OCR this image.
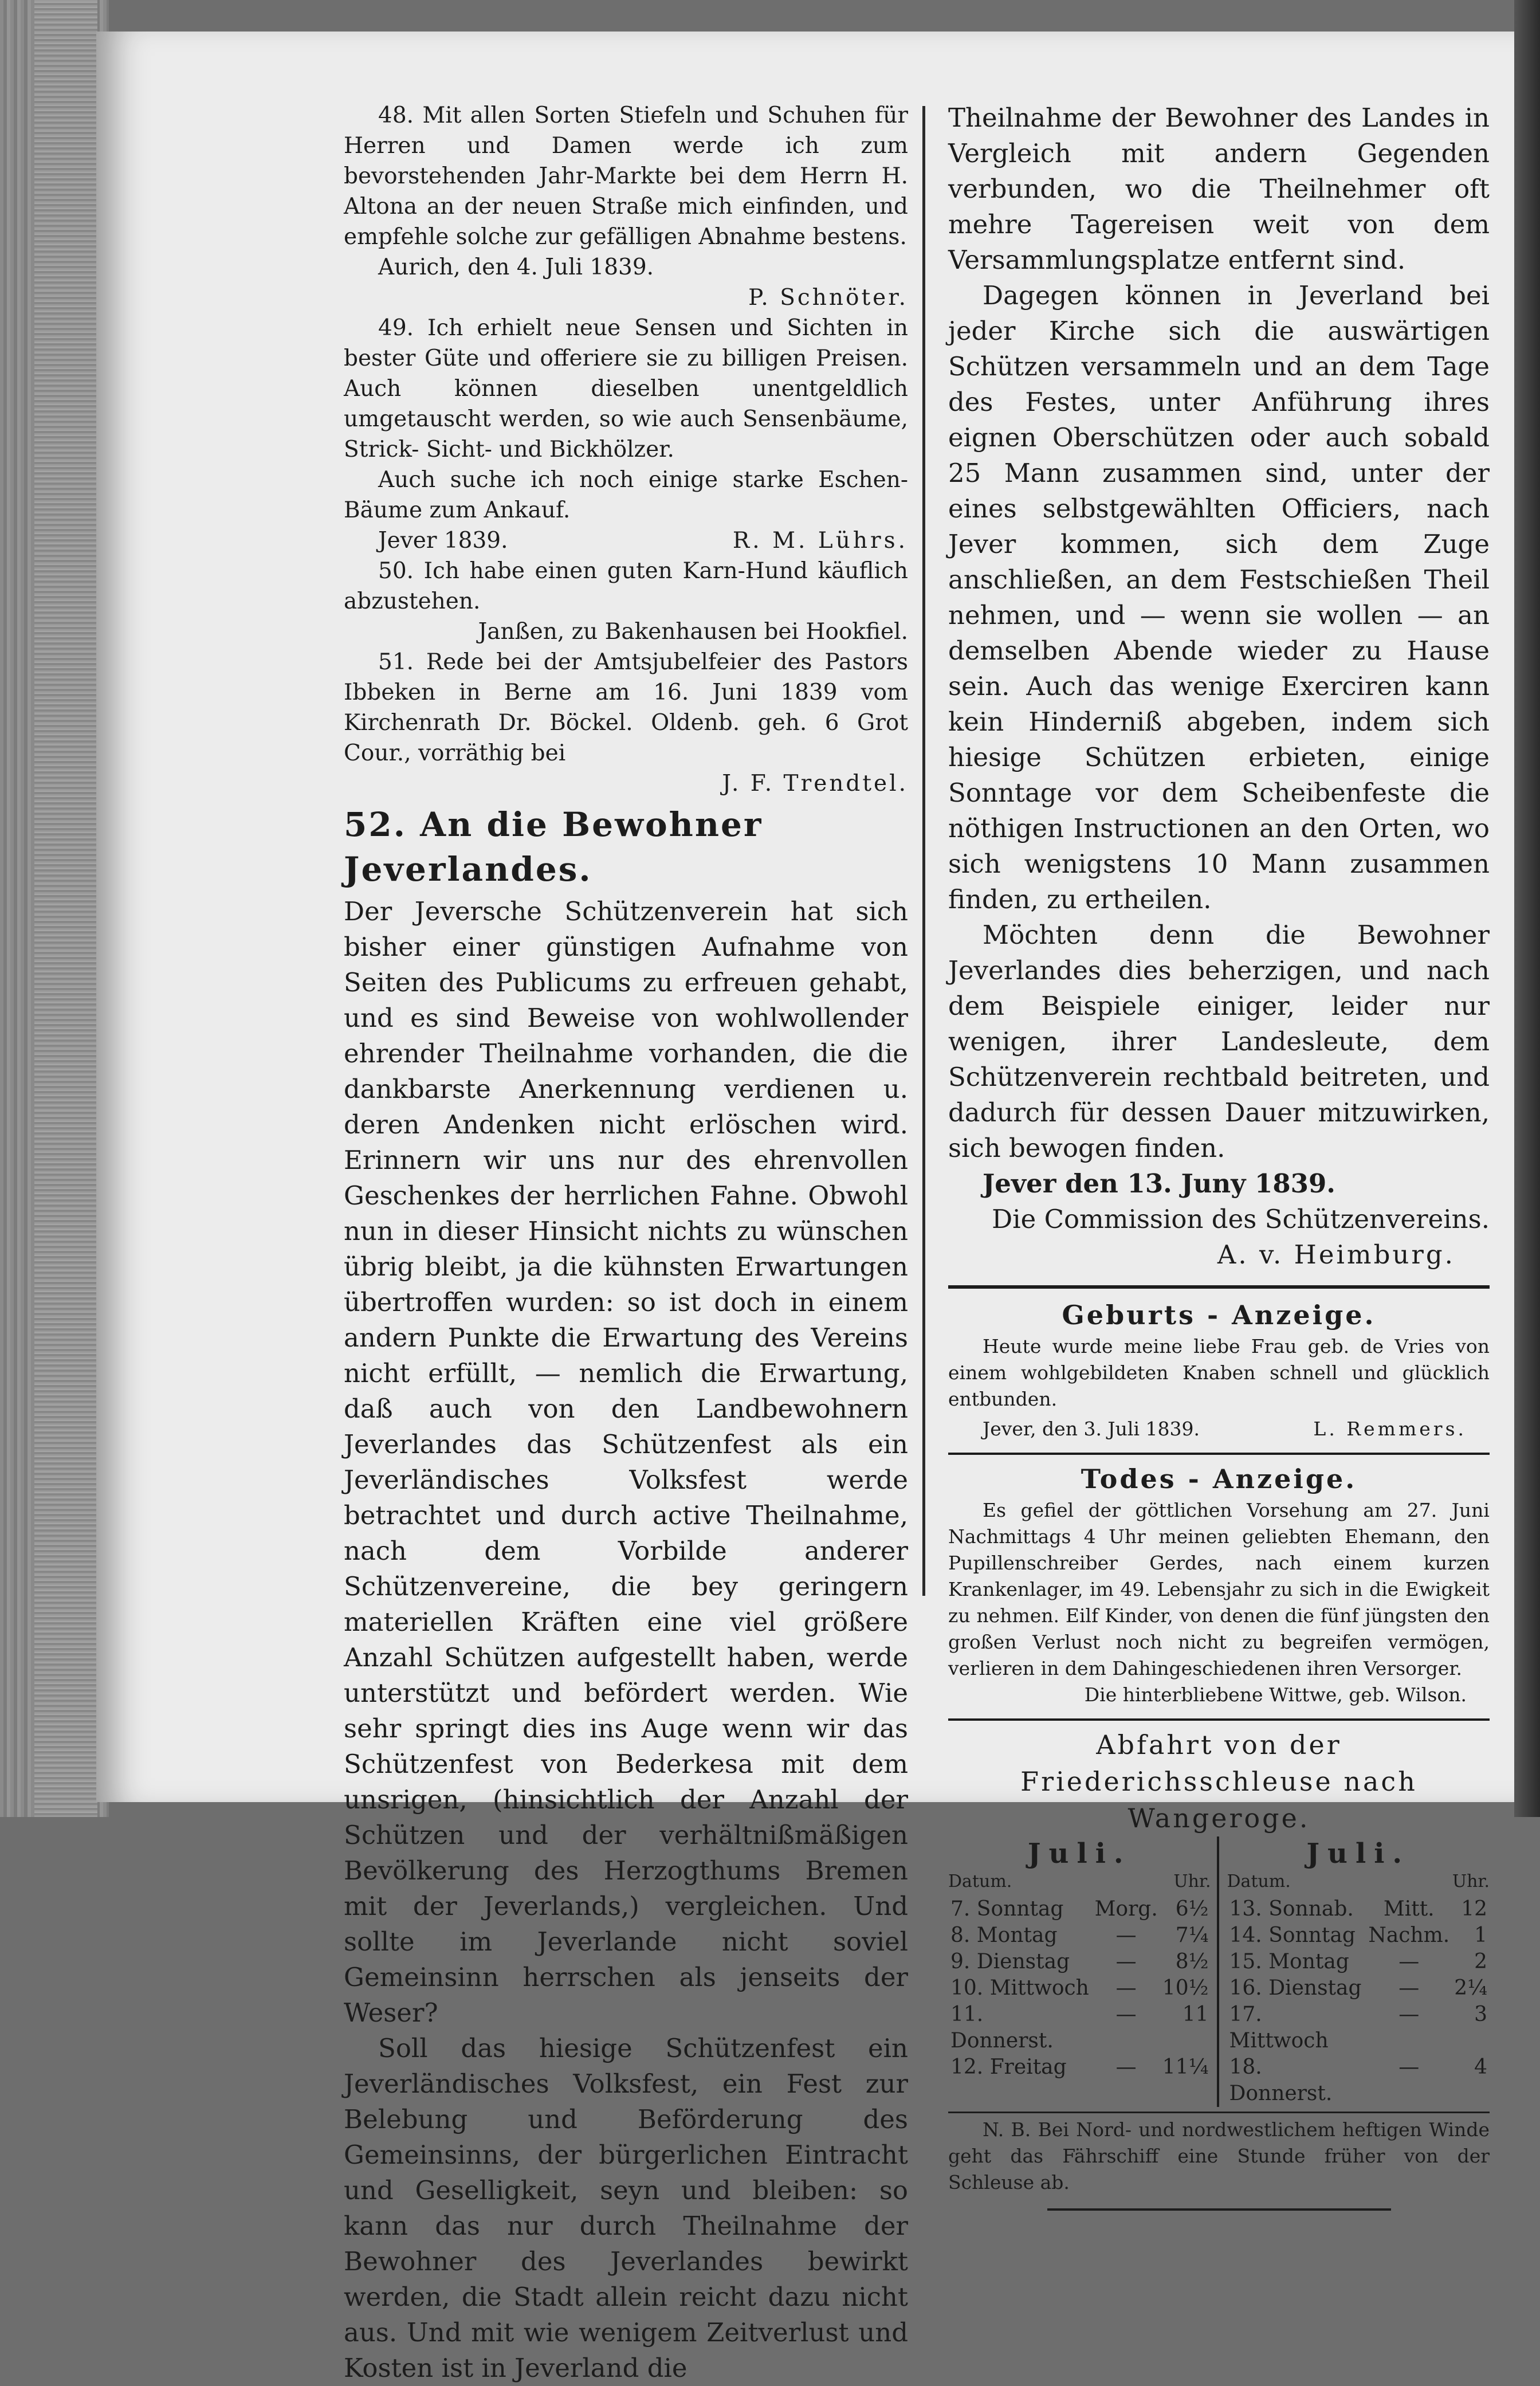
48. Mit allen Sorten Stiefeln und Schuhen für Herren und Damen werde ich zum bevorstehenden Jahr-Markte bei dem Herrn H. Altona an der neuen Straße mich einfinden, und empfehle solche zur gefälligen Abnahme bestens.

Aurich, den 4. Juli 1839.

P. Schnöter.

49. Ich erhielt neue Sensen und Sichten in bester Güte und offeriere sie zu billigen Preisen. Auch können dieselben unentgeldlich umgetauscht werden, so wie auch Sensenbäume, Strick- Sicht- und Bickhölzer.

Auch suche ich noch einige starke Eschen-Bäume zum Ankauf.

Jever 1839.	R. M. Lührs.

50. Ich habe einen guten Karn-Hund käuflich abzustehen.

Janßen, zu Bakenhausen bei Hookfiel.

51. Rede bei der Amtsjubelfeier des Pastors Ibbeken in Berne am 16. Juni 1839 vom Kirchenrath Dr. Böckel. Oldenb. geh. 6 Grot Cour., vorräthig bei

J. F. Trendtel.

52. An die Bewohner Jeverlandes.

Der Jeversche Schützenverein hat sich bisher einer günstigen Aufnahme von Seiten des Publicums zu erfreuen gehabt, und es sind Beweise von wohlwollender ehrender Theilnahme vorhanden, die die dankbarste Anerkennung verdienen u. deren Andenken nicht erlöschen wird. Erinnern wir uns nur des ehrenvollen Geschenkes der herrlichen Fahne. Obwohl nun in dieser Hinsicht nichts zu wünschen übrig bleibt, ja die kühnsten Erwartungen übertroffen wurden: so ist doch in einem andern Punkte die Erwartung des Vereins nicht erfüllt, — nemlich die Erwartung, daß auch von den Landbewohnern Jeverlandes das Schützenfest als ein Jeverländisches Volksfest werde betrachtet und durch active Theilnahme, nach dem Vorbilde anderer Schützenvereine, die bey geringern materiellen Kräften eine viel größere Anzahl Schützen aufgestellt haben, werde unterstützt und befördert werden. Wie sehr springt dies ins Auge wenn wir das Schützenfest von Bederkesa mit dem unsrigen, (hinsichtlich der Anzahl der Schützen und der verhältnißmäßigen Bevölkerung des Herzogthums Bremen mit der Jeverlands,) vergleichen. Und sollte im Jeverlande nicht soviel Gemeinsinn herrschen als jenseits der Weser?

Soll das hiesige Schützenfest ein Jeverländisches Volksfest, ein Fest zur Belebung und Beförderung des Gemeinsinns, der bürgerlichen Eintracht und Geselligkeit, seyn und bleiben: so kann das nur durch Theilnahme der Bewohner des Jeverlandes bewirkt werden, die Stadt allein reicht dazu nicht aus. Und mit wie wenigem Zeitverlust und Kosten ist in Jeverland die

Theilnahme der Bewohner des Landes in Vergleich mit andern Gegenden verbunden, wo die Theilnehmer oft mehre Tagereisen weit von dem Versammlungsplatze entfernt sind.

Dagegen können in Jeverland bei jeder Kirche sich die auswärtigen Schützen versammeln und an dem Tage des Festes, unter Anführung ihres eignen Oberschützen oder auch sobald 25 Mann zusammen sind, unter der eines selbstgewählten Officiers, nach Jever kommen, sich dem Zuge anschließen, an dem Festschießen Theil nehmen, und — wenn sie wollen — an demselben Abende wieder zu Hause sein. Auch das wenige Exerciren kann kein Hinderniß abgeben, indem sich hiesige Schützen erbieten, einige Sonntage vor dem Scheibenfeste die nöthigen Instructionen an den Orten, wo sich wenigstens 10 Mann zusammen finden, zu ertheilen.

Möchten denn die Bewohner Jeverlandes dies beherzigen, und nach dem Beispiele einiger, leider nur wenigen, ihrer Landesleute, dem Schützenverein rechtbald beitreten, und dadurch für dessen Dauer mitzuwirken, sich bewogen finden.

Jever den 13. Juny 1839.

Die Commission des Schützenvereins.

A. v. Heimburg.

Geburts - Anzeige.

Heute wurde meine liebe Frau geb. de Vries von einem wohlgebildeten Knaben schnell und glücklich entbunden.

Jever, den 3. Juli 1839.	L. Remmers.

Todes - Anzeige.

Es gefiel der göttlichen Vorsehung am 27. Juni Nachmittags 4 Uhr meinen geliebten Ehemann, den Pupillenschreiber Gerdes, nach einem kurzen Krankenlager, im 49. Lebensjahr zu sich in die Ewigkeit zu nehmen. Eilf Kinder, von denen die fünf jüngsten den großen Verlust noch nicht zu begreifen vermögen, verlieren in dem Dahingeschiedenen ihren Versorger.

Die hinterbliebene Wittwe, geb. Wilson.

Abfahrt von der Friederichsschleuse nach Wangeroge.

Juli.

Datum.	Uhr.
7. Sonntag	Morg.	6½
8. Montag	—	7¼
9. Dienstag	—	8½
10. Mittwoch	—	10½
11. Donnerst.	—	11
12. Freitag	—	11¼

Juli.

Datum.	Uhr.
13. Sonnab.	Mitt.	12
14. Sonntag	Nachm.	1
15. Montag	—	2
16. Dienstag	—	2¼
17. Mittwoch	—	3
18. Donnerst.	—	4

N. B. Bei Nord- und nordwestlichem heftigen Winde geht das Fährschiff eine Stunde früher von der Schleuse ab.
